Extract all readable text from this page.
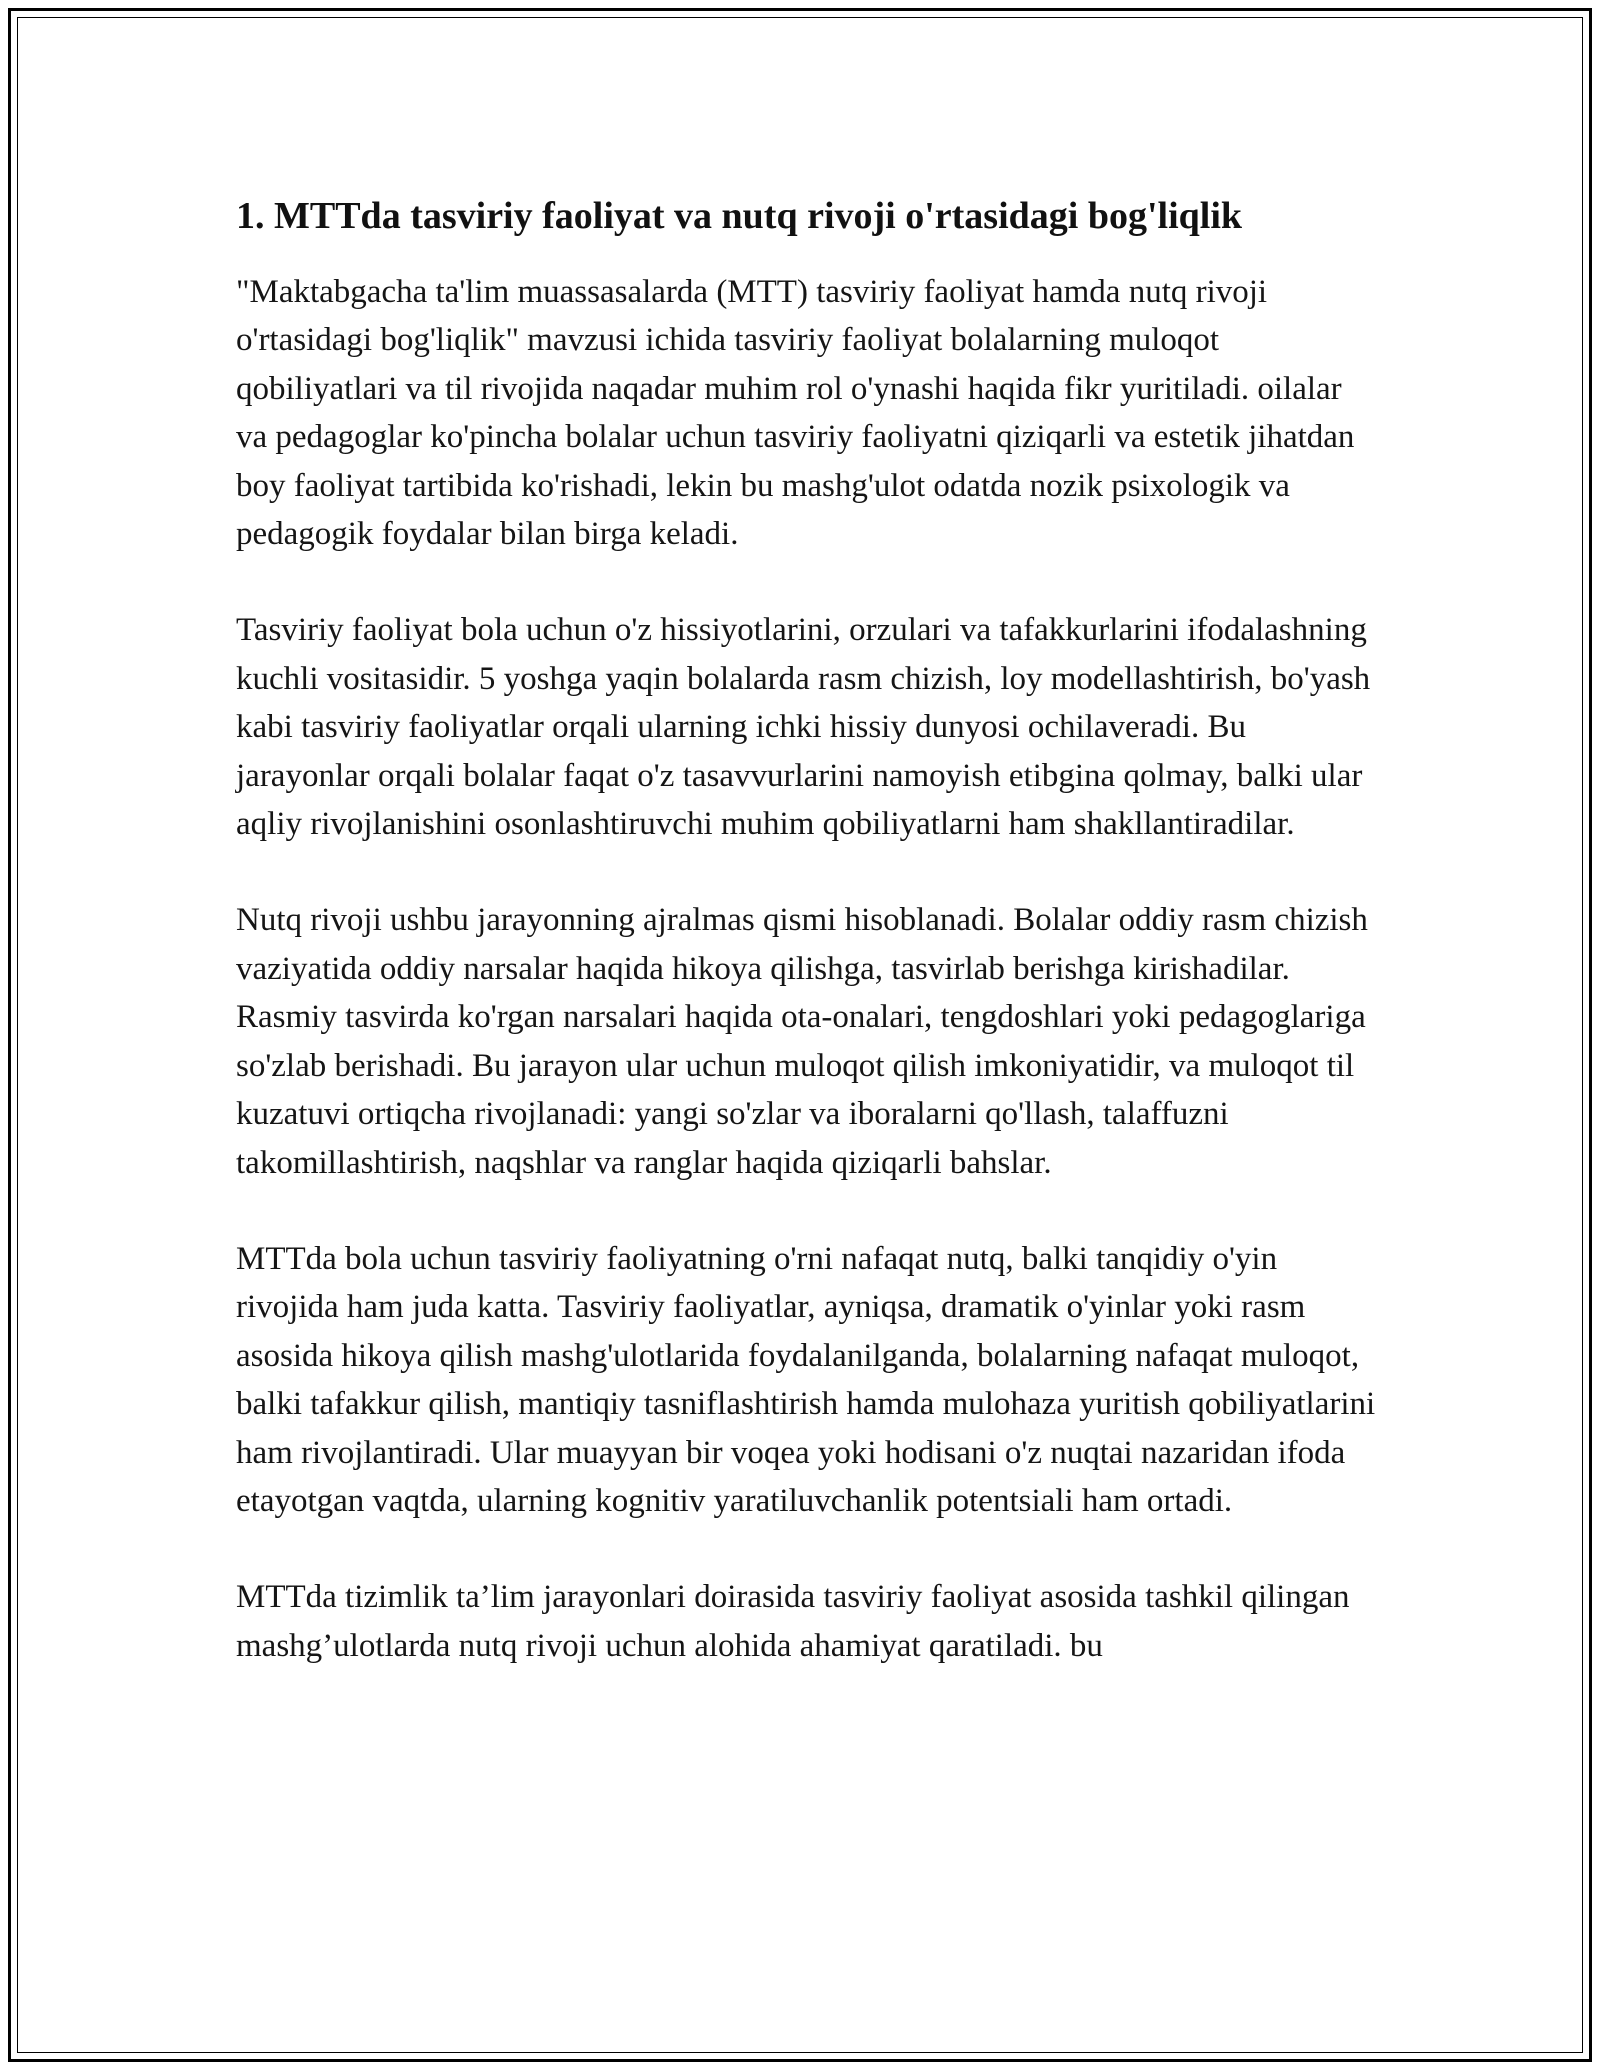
1. MTTda tasviriy faoliyat va nutq rivoji o'rtasidagi bog'liqlik

"Maktabgacha ta'lim muassasalarda (MTT) tasviriy faoliyat hamda nutq rivoji o'rtasidagi bog'liqlik" mavzusi ichida tasviriy faoliyat bolalarning muloqot qobiliyatlari va til rivojida naqadar muhim rol o'ynashi haqida fikr yuritiladi. oilalar va pedagoglar ko'pincha bolalar uchun tasviriy faoliyatni qiziqarli va estetik jihatdan boy faoliyat tartibida ko'rishadi, lekin bu mashg'ulot odatda nozik psixologik va pedagogik foydalar bilan birga keladi.

Tasviriy faoliyat bola uchun o'z hissiyotlarini, orzulari va tafakkurlarini ifodalashning kuchli vositasidir. 5 yoshga yaqin bolalarda rasm chizish, loy modellashtirish, bo'yash kabi tasviriy faoliyatlar orqali ularning ichki hissiy dunyosi ochilaveradi. Bu jarayonlar orqali bolalar faqat o'z tasavvurlarini namoyish etibgina qolmay, balki ular aqliy rivojlanishini osonlashtiruvchi muhim qobiliyatlarni ham shakllantiradilar.

Nutq rivoji ushbu jarayonning ajralmas qismi hisoblanadi. Bolalar oddiy rasm chizish vaziyatida oddiy narsalar haqida hikoya qilishga, tasvirlab berishga kirishadilar. Rasmiy tasvirda ko'rgan narsalari haqida ota-onalari, tengdoshlari yoki pedagoglariga so'zlab berishadi. Bu jarayon ular uchun muloqot qilish imkoniyatidir, va muloqot til kuzatuvi ortiqcha rivojlanadi: yangi so'zlar va iboralarni qo'llash, talaffuzni takomillashtirish, naqshlar va ranglar haqida qiziqarli bahslar.

MTTda bola uchun tasviriy faoliyatning o'rni nafaqat nutq, balki tanqidiy o'yin rivojida ham juda katta. Tasviriy faoliyatlar, ayniqsa, dramatik o'yinlar yoki rasm asosida hikoya qilish mashg'ulotlarida foydalanilganda, bolalarning nafaqat muloqot, balki tafakkur qilish, mantiqiy tasniflashtirish hamda mulohaza yuritish qobiliyatlarini ham rivojlantiradi. Ular muayyan bir voqea yoki hodisani o'z nuqtai nazaridan ifoda etayotgan vaqtda, ularning kognitiv yaratiluvchanlik potentsiali ham ortadi.

MTTda tizimlik ta’lim jarayonlari doirasida tasviriy faoliyat asosida tashkil qilingan mashg’ulotlarda nutq rivoji uchun alohida ahamiyat qaratiladi. bu
